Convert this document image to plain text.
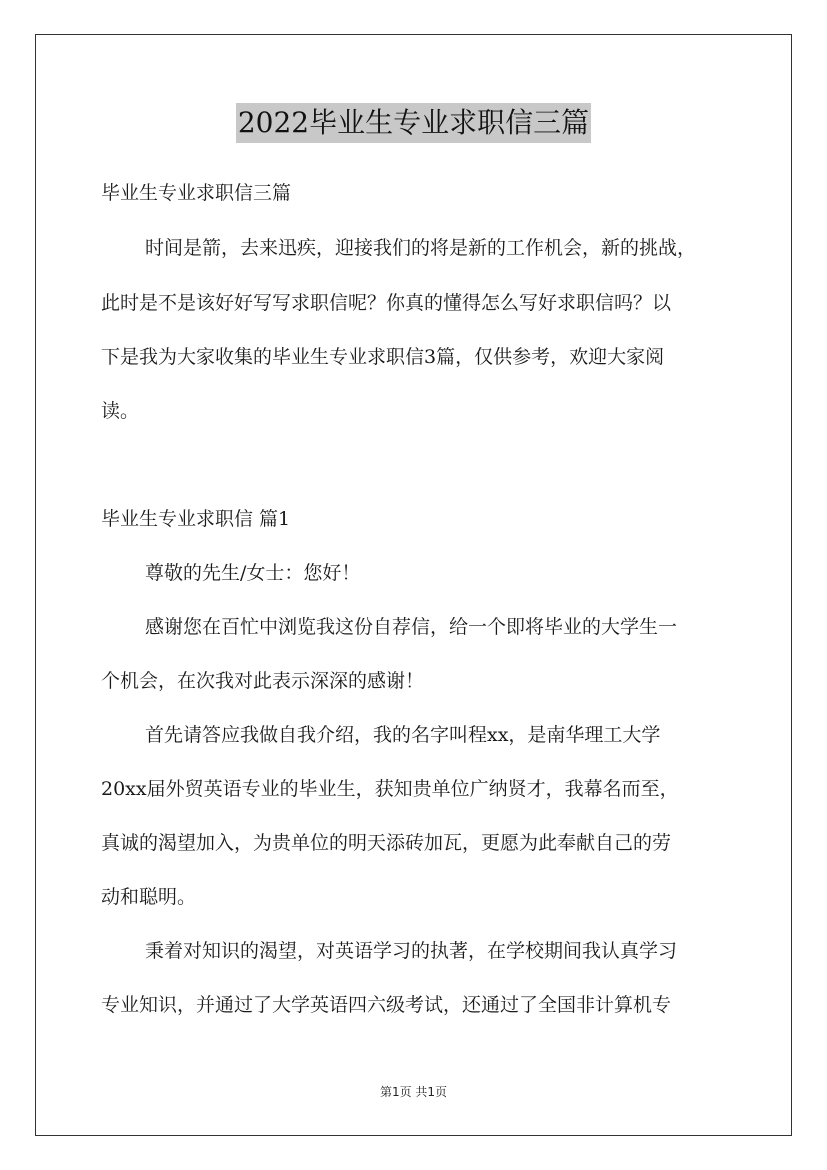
2022毕业生专业求职信三篇
毕业生专业求职信三篇
时间是箭，去来迅疾，迎接我们的将是新的工作机会，新的挑战，
此时是不是该好好写写求职信呢？你真的懂得怎么写好求职信吗？以
下是我为大家收集的毕业生专业求职信3篇，仅供参考，欢迎大家阅
读。
毕业生专业求职信 篇1
尊敬的先生/女士：您好！
感谢您在百忙中浏览我这份自荐信，给一个即将毕业的大学生一
个机会，在次我对此表示深深的感谢！
首先请答应我做自我介绍，我的名字叫程xx，是南华理工大学
20xx届外贸英语专业的毕业生，获知贵单位广纳贤才，我幕名而至，
真诚的渴望加入，为贵单位的明天添砖加瓦，更愿为此奉献自己的劳
动和聪明。
秉着对知识的渴望，对英语学习的执著，在学校期间我认真学习
专业知识，并通过了大学英语四六级考试，还通过了全国非计算机专
第1页 共1页
